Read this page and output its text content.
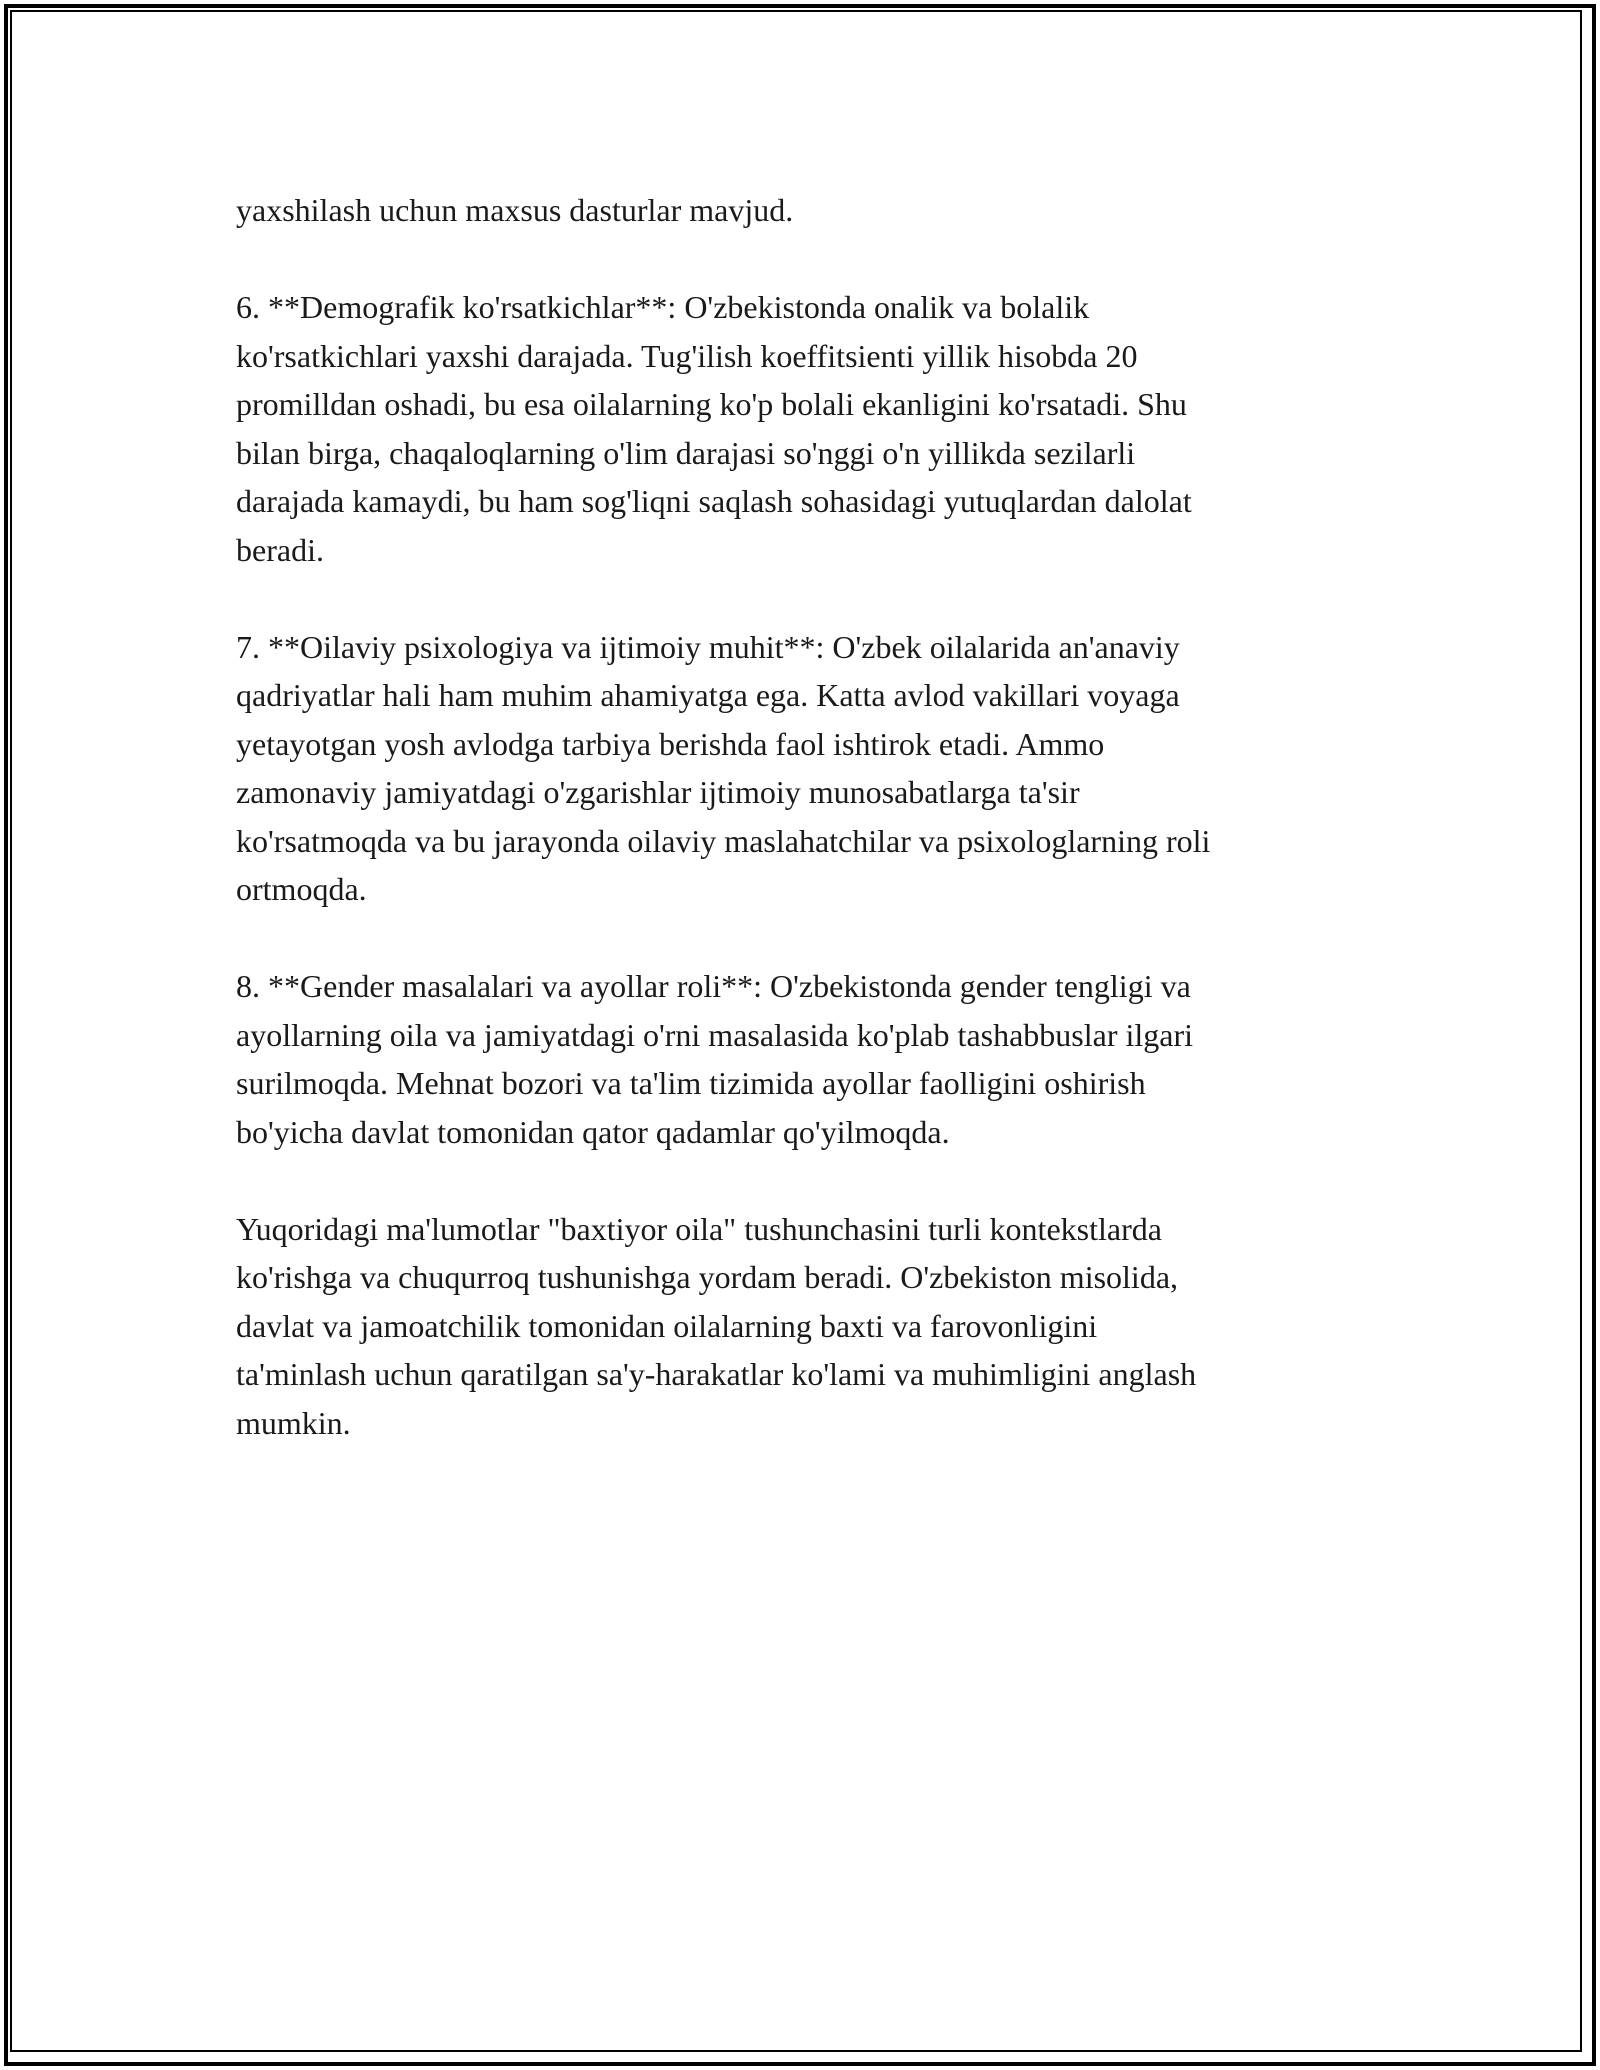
yaxshilash uchun maxsus dasturlar mavjud.

6. **Demografik ko'rsatkichlar**: O'zbekistonda onalik va bolalik
ko'rsatkichlari yaxshi darajada. Tug'ilish koeffitsienti yillik hisobda 20
promilldan oshadi, bu esa oilalarning ko'p bolali ekanligini ko'rsatadi. Shu
bilan birga, chaqaloqlarning o'lim darajasi so'nggi o'n yillikda sezilarli
darajada kamaydi, bu ham sog'liqni saqlash sohasidagi yutuqlardan dalolat
beradi.

7. **Oilaviy psixologiya va ijtimoiy muhit**: O'zbek oilalarida an'anaviy
qadriyatlar hali ham muhim ahamiyatga ega. Katta avlod vakillari voyaga
yetayotgan yosh avlodga tarbiya berishda faol ishtirok etadi. Ammo
zamonaviy jamiyatdagi o'zgarishlar ijtimoiy munosabatlarga ta'sir
ko'rsatmoqda va bu jarayonda oilaviy maslahatchilar va psixologlarning roli
ortmoqda.

8. **Gender masalalari va ayollar roli**: O'zbekistonda gender tengligi va
ayollarning oila va jamiyatdagi o'rni masalasida ko'plab tashabbuslar ilgari
surilmoqda. Mehnat bozori va ta'lim tizimida ayollar faolligini oshirish
bo'yicha davlat tomonidan qator qadamlar qo'yilmoqda.

Yuqoridagi ma'lumotlar "baxtiyor oila" tushunchasini turli kontekstlarda
ko'rishga va chuqurroq tushunishga yordam beradi. O'zbekiston misolida,
davlat va jamoatchilik tomonidan oilalarning baxti va farovonligini
ta'minlash uchun qaratilgan sa'y-harakatlar ko'lami va muhimligini anglash
mumkin.
